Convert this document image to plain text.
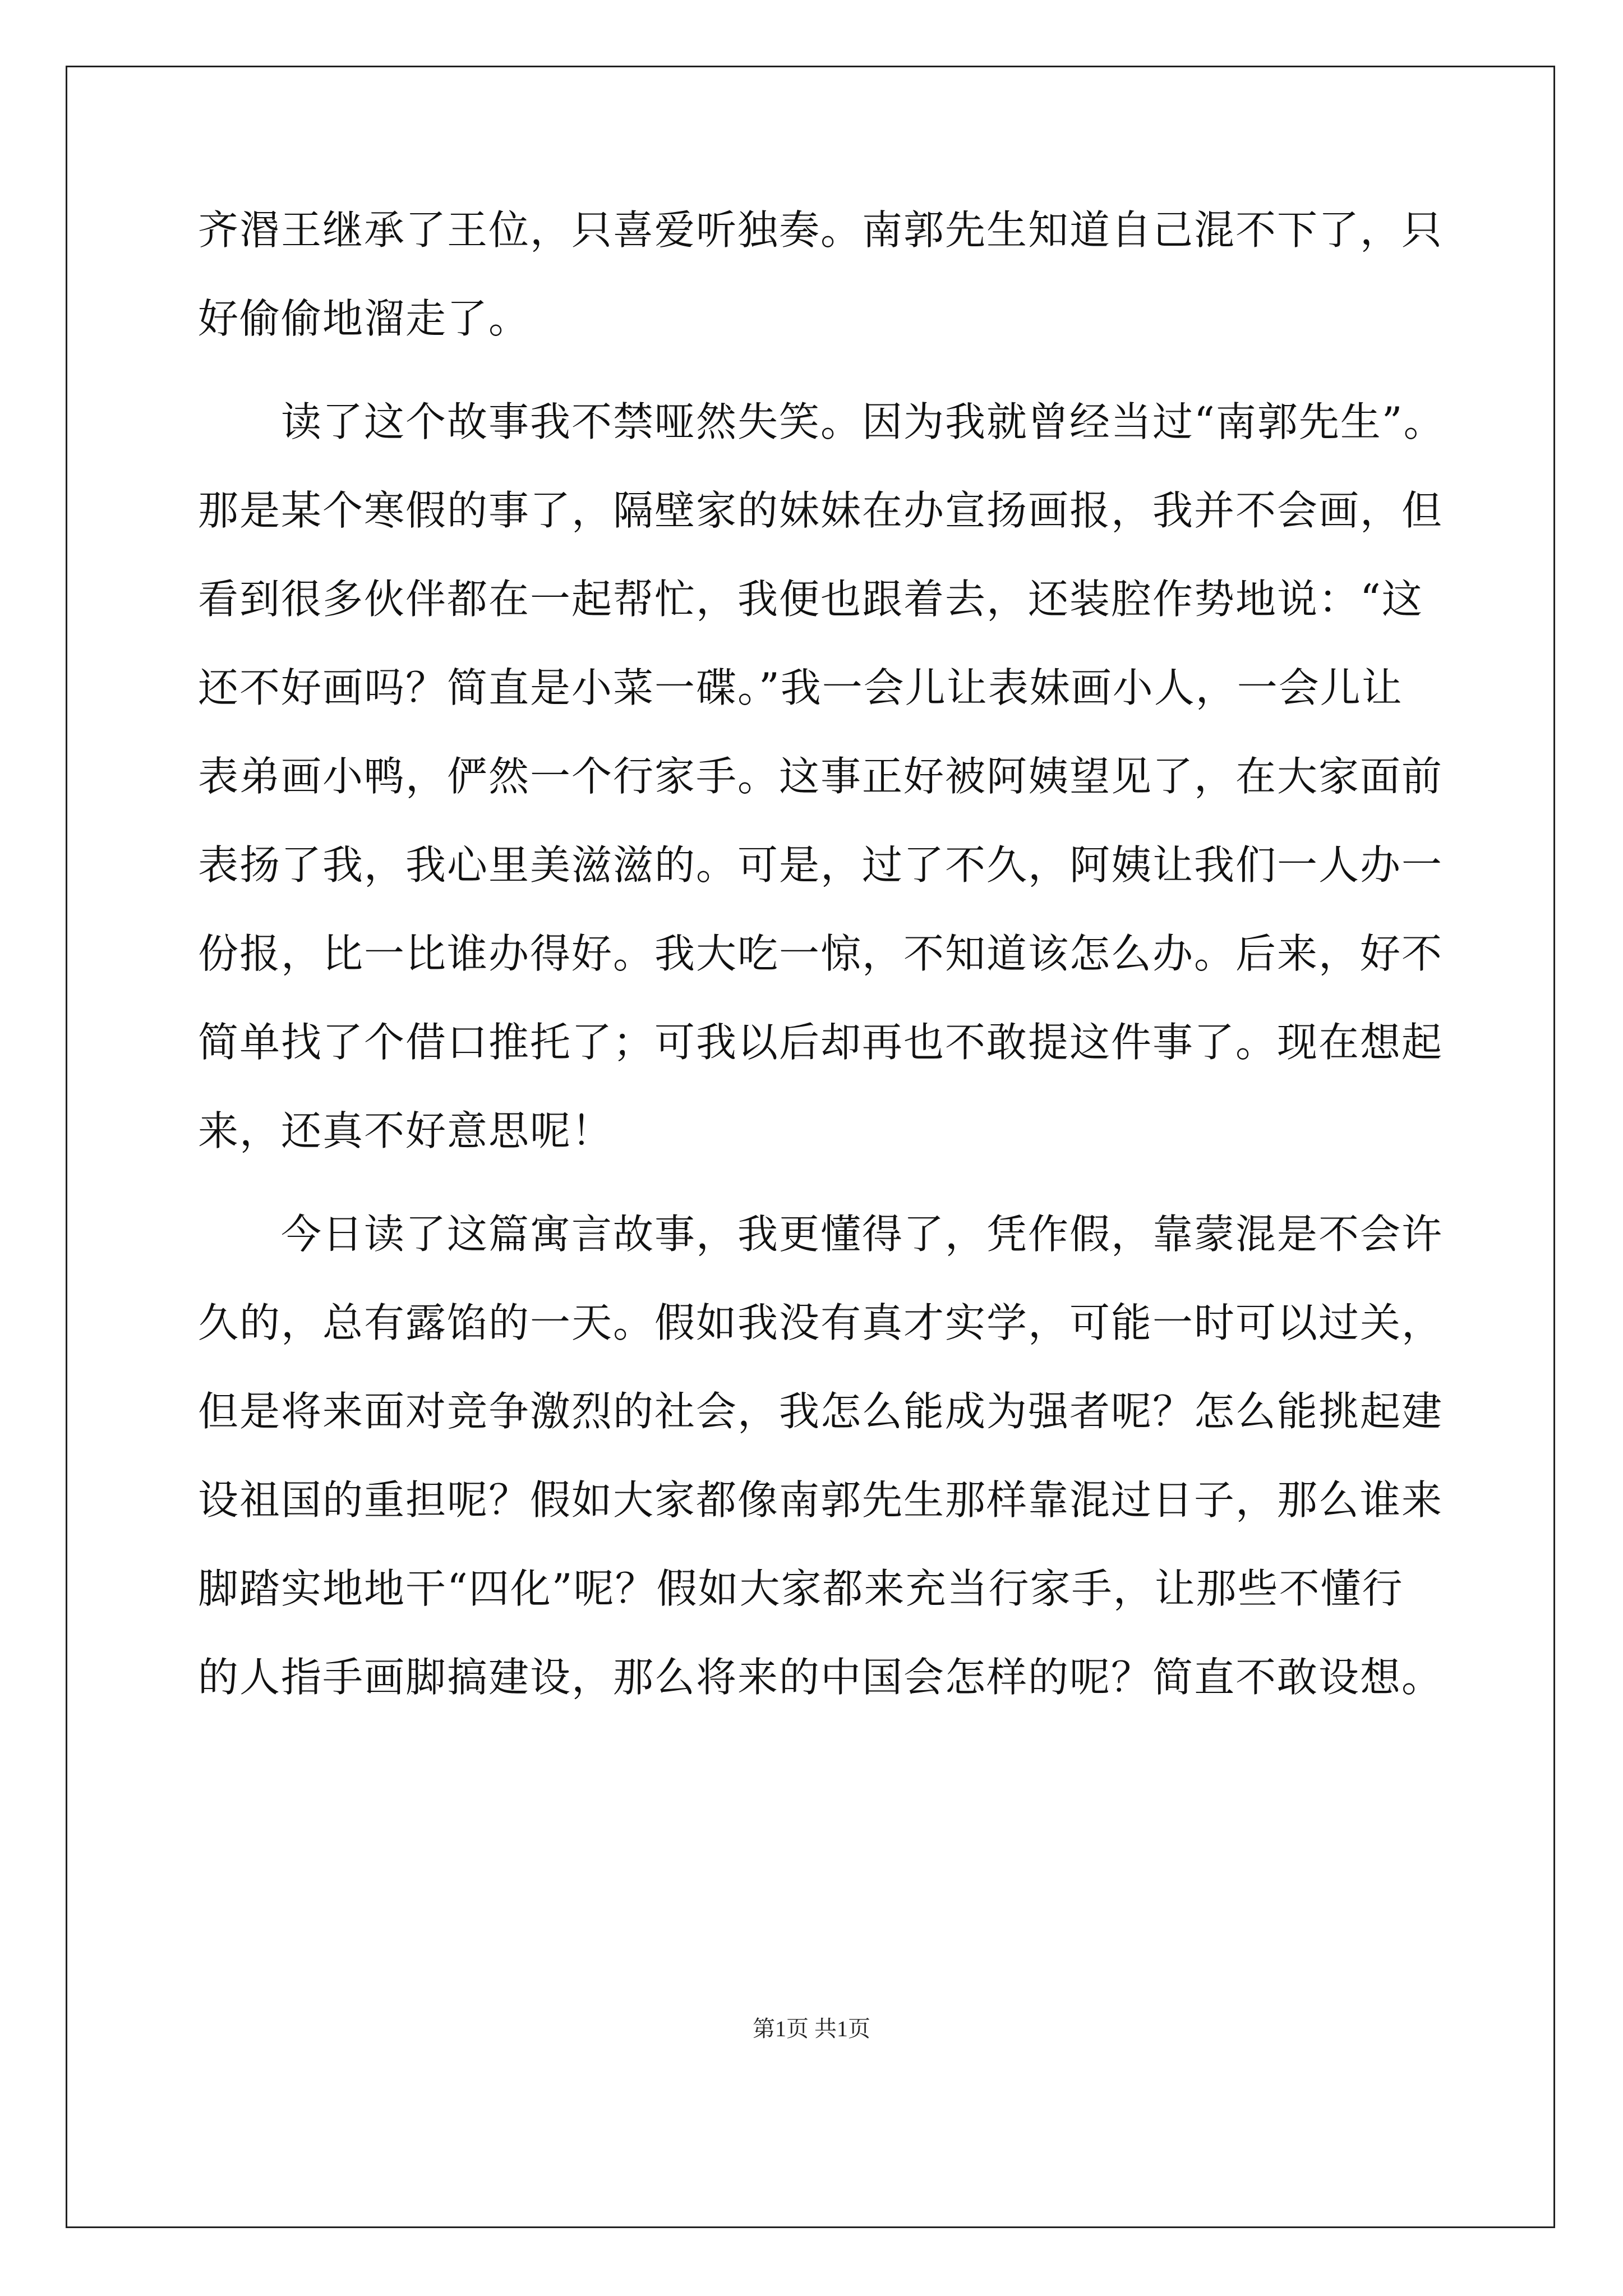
齐湣王继承了王位，只喜爱听独奏。南郭先生知道自己混不下了，只
好偷偷地溜走了。
读了这个故事我不禁哑然失笑。因为我就曾经当过“南郭先生”。
那是某个寒假的事了，隔壁家的妹妹在办宣扬画报，我并不会画，但
看到很多伙伴都在一起帮忙，我便也跟着去，还装腔作势地说：“这
还不好画吗？简直是小菜一碟。”我一会儿让表妹画小人，一会儿让
表弟画小鸭，俨然一个行家手。这事正好被阿姨望见了，在大家面前
表扬了我，我心里美滋滋的。可是，过了不久，阿姨让我们一人办一
份报，比一比谁办得好。我大吃一惊，不知道该怎么办。后来，好不
简单找了个借口推托了；可我以后却再也不敢提这件事了。现在想起
来，还真不好意思呢！
今日读了这篇寓言故事，我更懂得了，凭作假，靠蒙混是不会许
久的，总有露馅的一天。假如我没有真才实学，可能一时可以过关，
但是将来面对竞争激烈的社会，我怎么能成为强者呢？怎么能挑起建
设祖国的重担呢？假如大家都像南郭先生那样靠混过日子，那么谁来
脚踏实地地干“四化”呢？假如大家都来充当行家手，让那些不懂行
的人指手画脚搞建设，那么将来的中国会怎样的呢？简直不敢设想。
第1页 共1页
